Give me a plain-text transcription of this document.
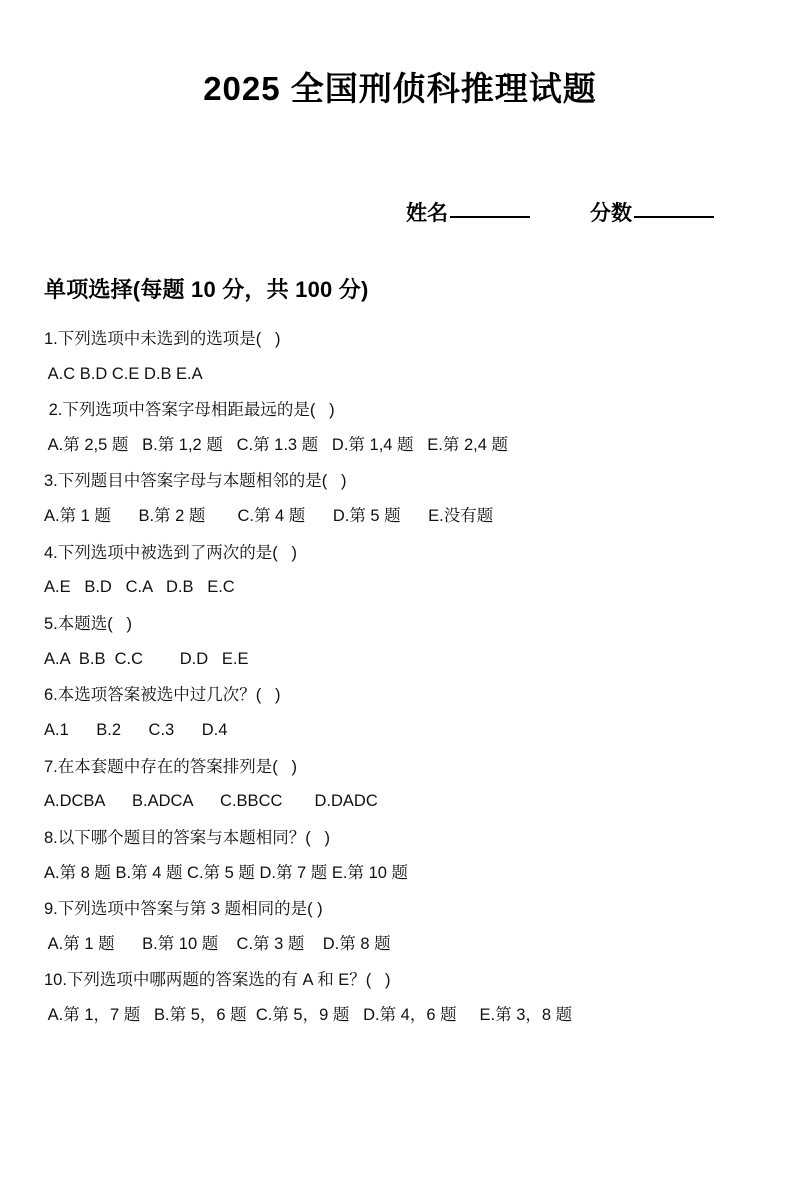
2025 全国刑侦科推理试题
姓名	分数
单项选择(每题 10 分，共 100 分)
1.下列选项中未选到的选项是(   )
A.C B.D C.E D.B E.A
2.下列选项中答案字母相距最远的是(   )
A.第 2,5 题   B.第 1,2 题   C.第 1.3 题   D.第 1,4 题   E.第 2,4 题
3.下列题目中答案字母与本题相邻的是(   )
A.第 1 题      B.第 2 题       C.第 4 题      D.第 5 题      E.没有题
4.下列选项中被选到了两次的是(   )
A.E   B.D   C.A   D.B   E.C
5.本题选(   )
A.A  B.B  C.C        D.D   E.E
6.本选项答案被选中过几次？(   )
A.1      B.2      C.3      D.4
7.在本套题中存在的答案排列是(   )
A.DCBA      B.ADCA      C.BBCC       D.DADC
8.以下哪个题目的答案与本题相同？(   )
A.第 8 题 B.第 4 题 C.第 5 题 D.第 7 题 E.第 10 题
9.下列选项中答案与第 3 题相同的是( )
A.第 1 题      B.第 10 题    C.第 3 题    D.第 8 题
10.下列选项中哪两题的答案选的有 A 和 E？(   )
A.第 1，7 题   B.第 5，6 题  C.第 5，9 题   D.第 4，6 题     E.第 3，8 题
